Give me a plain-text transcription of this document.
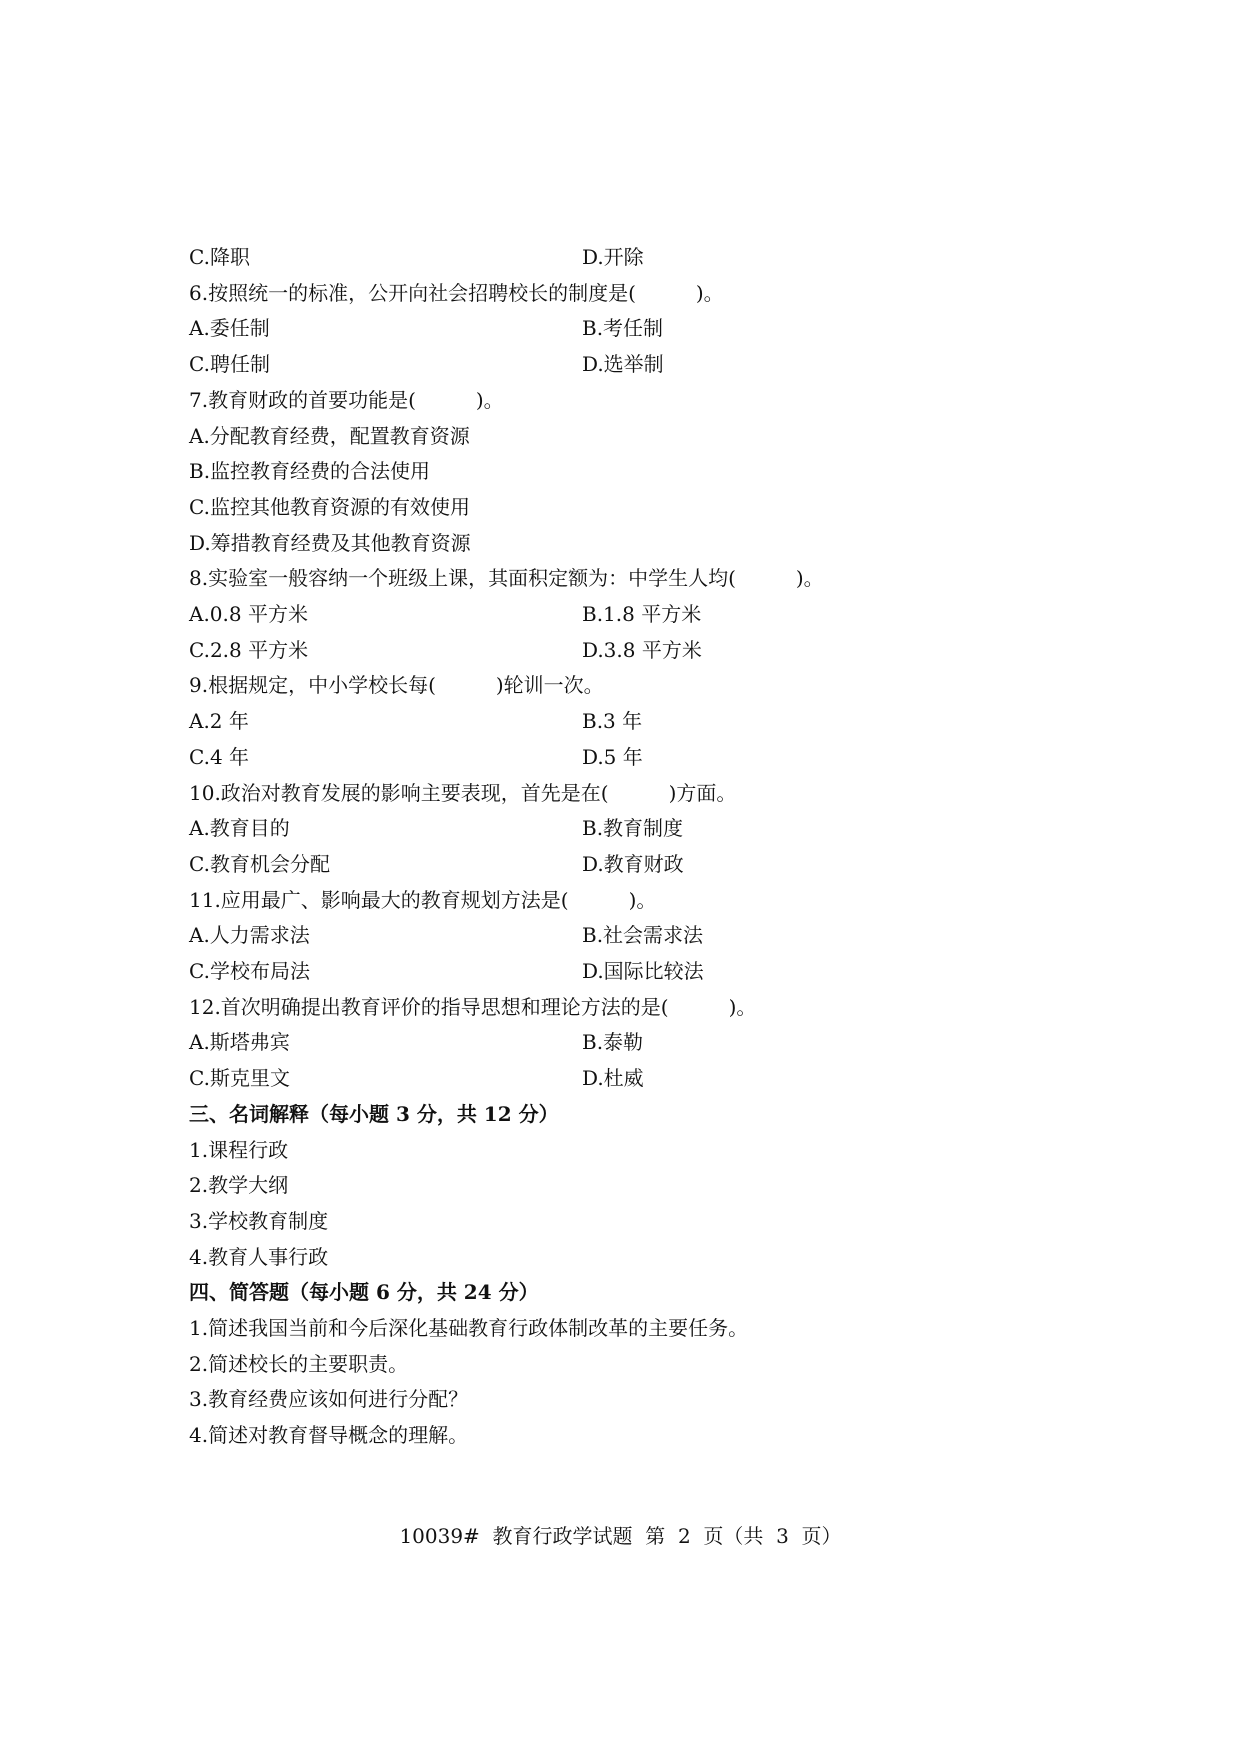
C.降职	D.开除
6.按照统一的标准，公开向社会招聘校长的制度是(　　　)。
A.委任制	B.考任制
C.聘任制	D.选举制
7.教育财政的首要功能是(　　　)。
A.分配教育经费，配置教育资源
B.监控教育经费的合法使用
C.监控其他教育资源的有效使用
D.筹措教育经费及其他教育资源
8.实验室一般容纳一个班级上课，其面积定额为：中学生人均(　　　)。
A.0.8 平方米	B.1.8 平方米
C.2.8 平方米	D.3.8 平方米
9.根据规定，中小学校长每(　　　)轮训一次。
A.2 年	B.3 年
C.4 年	D.5 年
10.政治对教育发展的影响主要表现，首先是在(　　　)方面。
A.教育目的	B.教育制度
C.教育机会分配	D.教育财政
11.应用最广、影响最大的教育规划方法是(　　　)。
A.人力需求法	B.社会需求法
C.学校布局法	D.国际比较法
12.首次明确提出教育评价的指导思想和理论方法的是(　　　)。
A.斯塔弗宾	B.泰勒
C.斯克里文	D.杜威
三、名词解释（每小题 3 分，共 12 分）
1.课程行政
2.教学大纲
3.学校教育制度
4.教育人事行政
四、简答题（每小题 6 分，共 24 分）
1.简述我国当前和今后深化基础教育行政体制改革的主要任务。
2.简述校长的主要职责。
3.教育经费应该如何进行分配？
4.简述对教育督导概念的理解。
10039#  教育行政学试题  第  2  页（共  3  页）
